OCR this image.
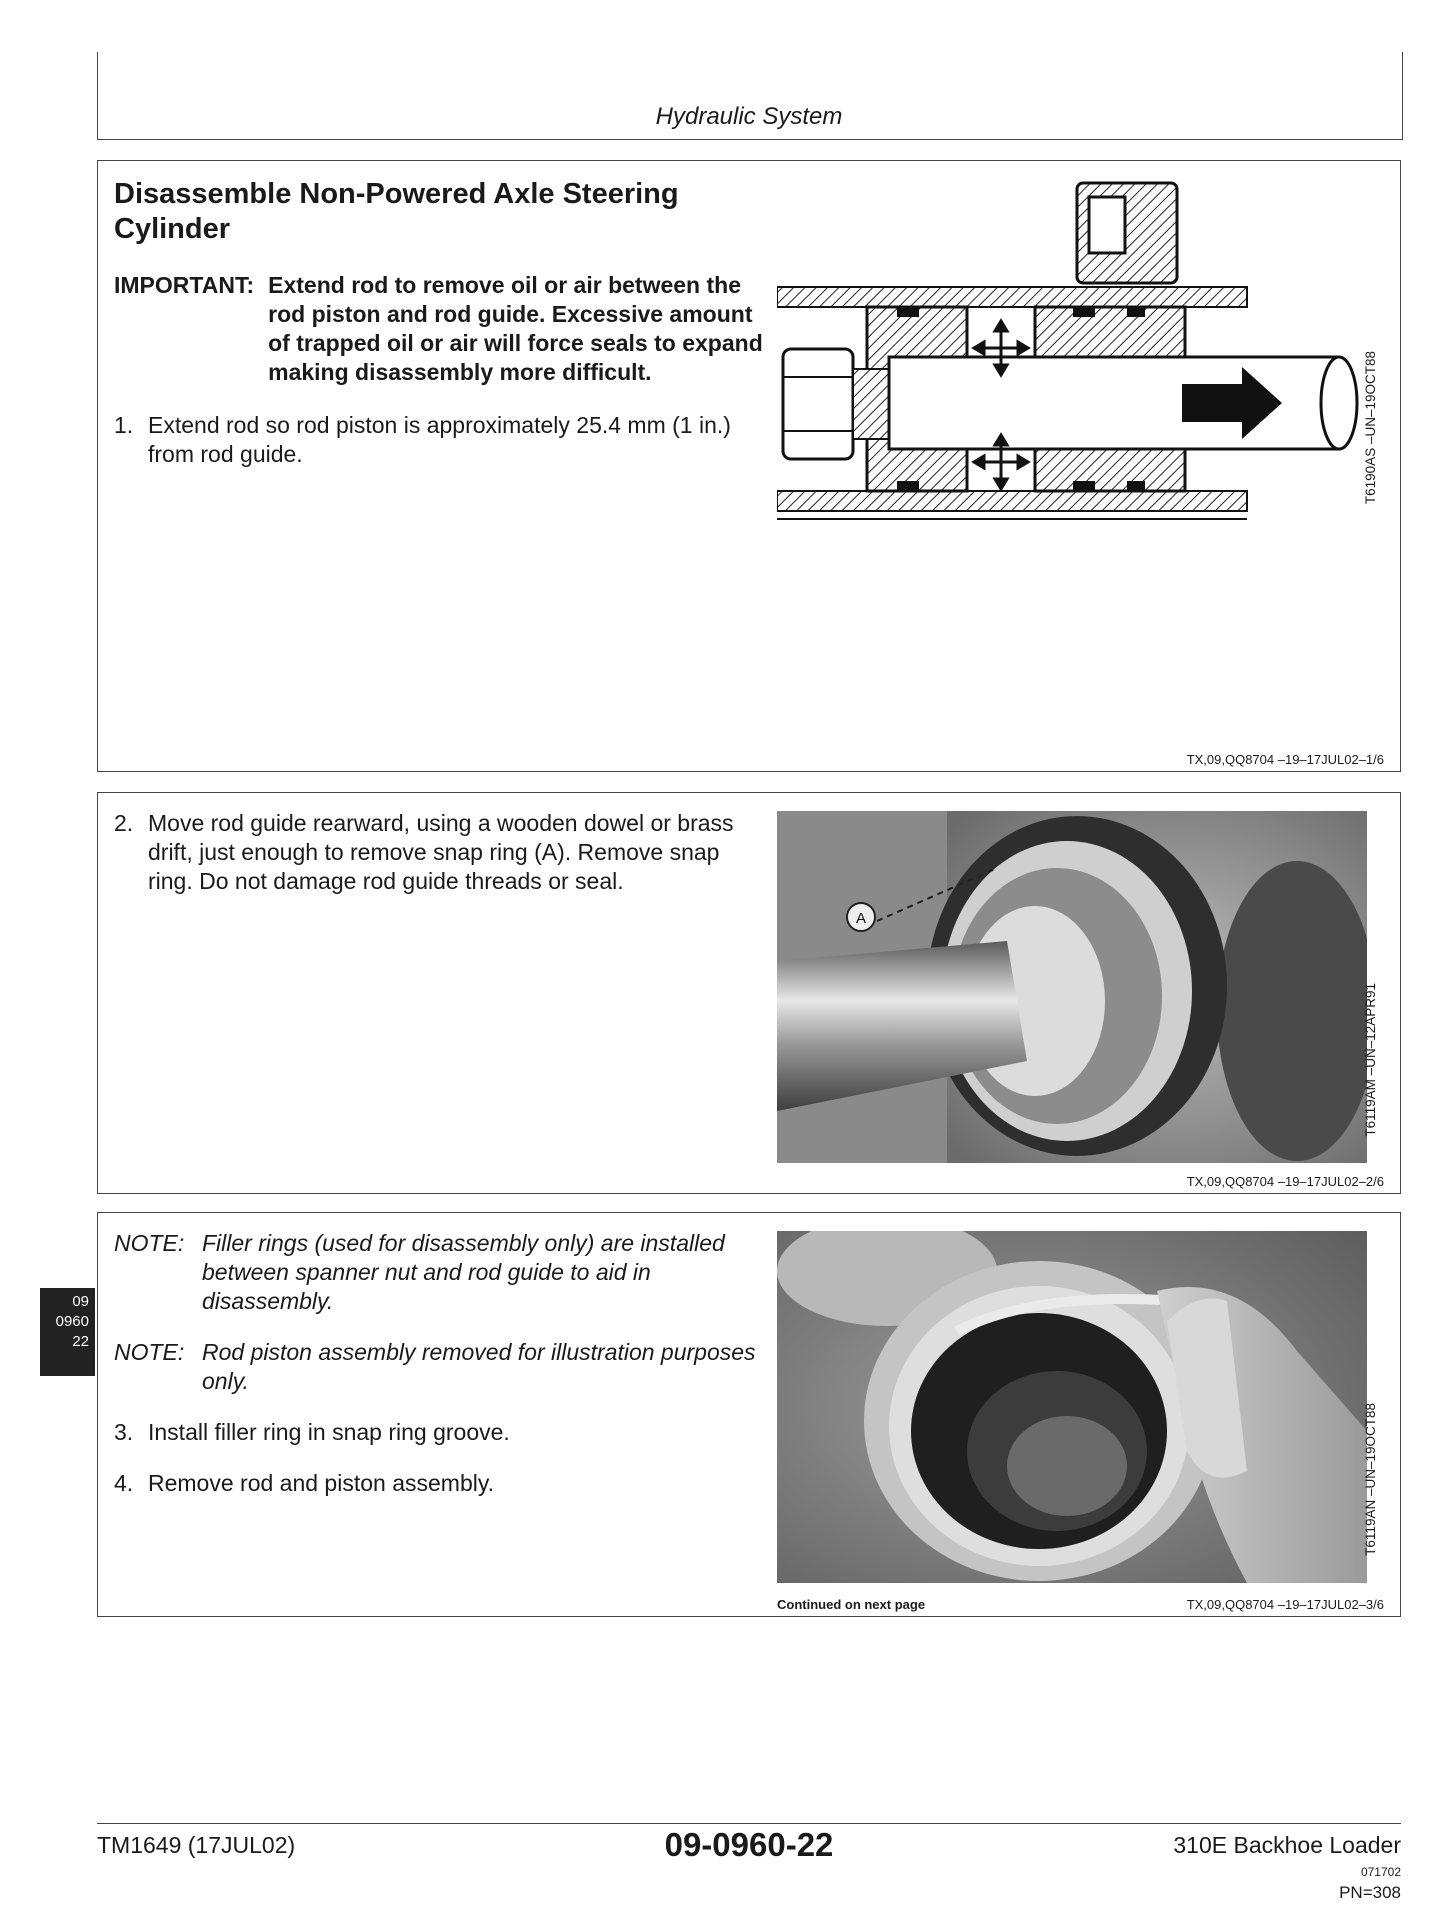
Hydraulic System
Disassemble Non-Powered Axle Steering Cylinder
IMPORTANT: Extend rod to remove oil or air between the rod piston and rod guide. Excessive amount of trapped oil or air will force seals to expand making disassembly more difficult.
1. Extend rod so rod piston is approximately 25.4 mm (1 in.) from rod guide.	T6190AS –UN–19OCT88
TX,09,QQ8704 –19–17JUL02–1/6
2. Move rod guide rearward, using a wooden dowel or brass drift, just enough to remove snap ring (A). Remove snap ring. Do not damage rod guide threads or seal.
A
T6119AM –UN–12APR91
TX,09,QQ8704 –19–17JUL02–2/6
NOTE: Filler rings (used for disassembly only) are installed between spanner nut and rod guide to aid in disassembly.
NOTE: Rod piston assembly removed for illustration purposes only.
3. Install filler ring in snap ring groove.
4. Remove rod and piston assembly.	T6119AN –UN–19OCT88
Continued on next page	TX,09,QQ8704 –19–17JUL02–3/6
09
0960
22
TM1649 (17JUL02)	09-0960-22	310E Backhoe Loader
071702
PN=308
